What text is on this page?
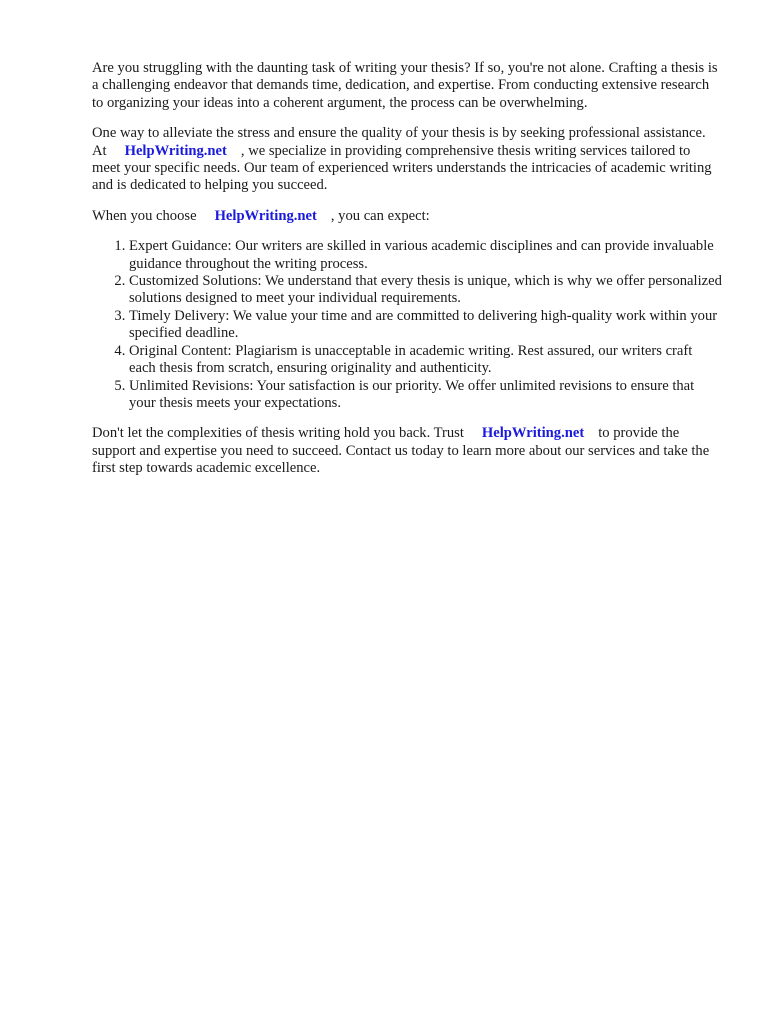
Are you struggling with the daunting task of writing your thesis? If so, you're not alone. Crafting a thesis is a challenging endeavor that demands time, dedication, and expertise. From conducting extensive research to organizing your ideas into a coherent argument, the process can be overwhelming.

One way to alleviate the stress and ensure the quality of your thesis is by seeking professional assistance. At HelpWriting.net , we specialize in providing comprehensive thesis writing services tailored to meet your specific needs. Our team of experienced writers understands the intricacies of academic writing and is dedicated to helping you succeed.

When you choose HelpWriting.net , you can expect:

1. Expert Guidance: Our writers are skilled in various academic disciplines and can provide invaluable guidance throughout the writing process.
2. Customized Solutions: We understand that every thesis is unique, which is why we offer personalized solutions designed to meet your individual requirements.
3. Timely Delivery: We value your time and are committed to delivering high-quality work within your specified deadline.
4. Original Content: Plagiarism is unacceptable in academic writing. Rest assured, our writers craft each thesis from scratch, ensuring originality and authenticity.
5. Unlimited Revisions: Your satisfaction is our priority. We offer unlimited revisions to ensure that your thesis meets your expectations.

Don't let the complexities of thesis writing hold you back. Trust HelpWriting.net to provide the support and expertise you need to succeed. Contact us today to learn more about our services and take the first step towards academic excellence.
